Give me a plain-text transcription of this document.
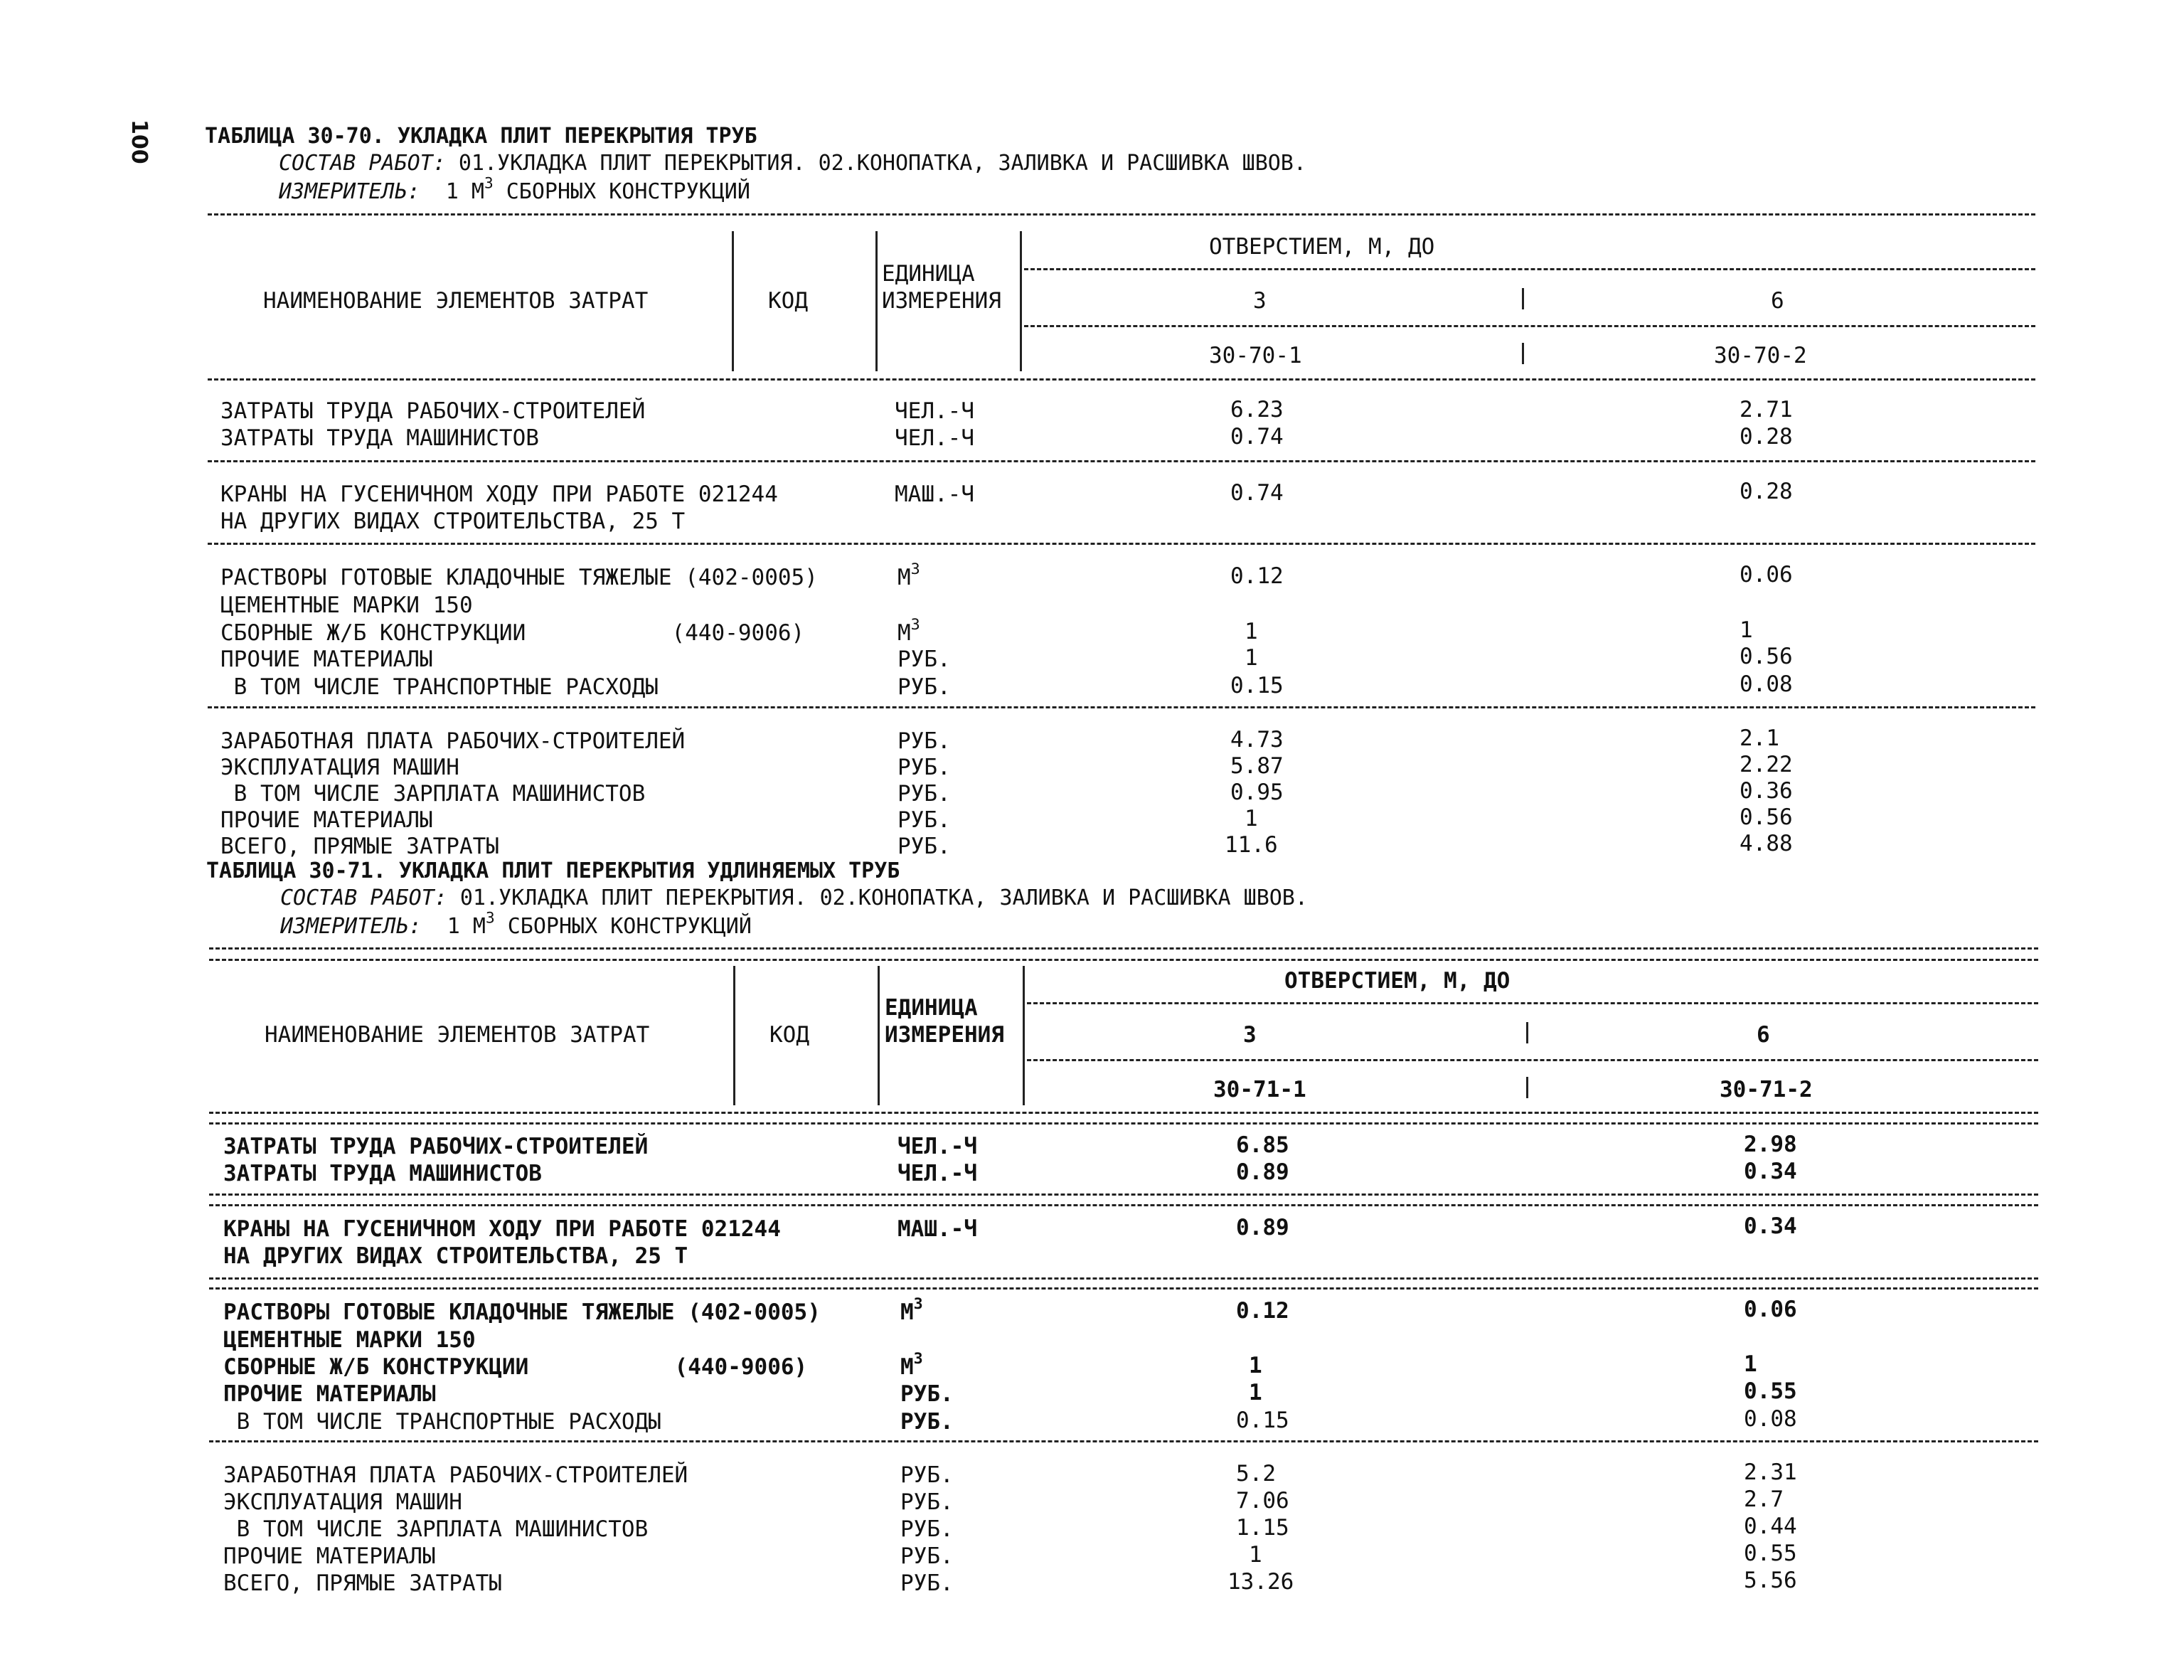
100	ТАБЛИЦА 30-70. УКЛАДКА ПЛИТ ПЕРЕКРЫТИЯ ТРУБ
СОСТАВ РАБОТ: 01.УКЛАДКА ПЛИТ ПЕРЕКРЫТИЯ. 02.КОНОПАТКА, ЗАЛИВКА И РАСШИВКА ШВОВ.
ИЗМЕРИТЕЛЬ:  1 $М^3$ СБОРНЫХ КОНСТРУКЦИЙ
ОТВЕРСТИЕМ, М, ДО
ЕДИНИЦА
ИЗМЕРЕНИЯ
НАИМЕНОВАНИЕ ЭЛЕМЕНТОВ ЗАТРАТ	КОД	3	6
30-70-1	30-70-2
ЗАТРАТЫ ТРУДА РАБОЧИХ-СТРОИТЕЛЕЙ	ЧЕЛ.-Ч	6.23	2.71
ЗАТРАТЫ ТРУДА МАШИНИСТОВ	ЧЕЛ.-Ч	0.74	0.28
КРАНЫ НА ГУСЕНИЧНОМ ХОДУ ПРИ РАБОТЕ 021244	МАШ.-Ч	0.74	0.28
НА ДРУГИХ ВИДАХ СТРОИТЕЛЬСТВА, 25 Т
РАСТВОРЫ ГОТОВЫЕ КЛАДОЧНЫЕ ТЯЖЕЛЫЕ (402-0005)	$М^3$	0.12	0.06
ЦЕМЕНТНЫЕ МАРКИ 150
СБОРНЫЕ Ж/Б КОНСТРУКЦИИ           (440-9006)	$М^3$	1	1
ПРОЧИЕ МАТЕРИАЛЫ	РУБ.	1	0.56
В ТОМ ЧИСЛЕ ТРАНСПОРТНЫЕ РАСХОДЫ	РУБ.	0.15	0.08
ЗАРАБОТНАЯ ПЛАТА РАБОЧИХ-СТРОИТЕЛЕЙ	РУБ.	4.73	2.1
ЭКСПЛУАТАЦИЯ МАШИН	РУБ.	5.87	2.22
В ТОМ ЧИСЛЕ ЗАРПЛАТА МАШИНИСТОВ	РУБ.	0.95	0.36
ПРОЧИЕ МАТЕРИАЛЫ	РУБ.	1	0.56
ВСЕГО, ПРЯМЫЕ ЗАТРАТЫ	РУБ.	11.6	4.88
ТАБЛИЦА 30-71. УКЛАДКА ПЛИТ ПЕРЕКРЫТИЯ УДЛИНЯЕМЫХ ТРУБ
СОСТАВ РАБОТ: 01.УКЛАДКА ПЛИТ ПЕРЕКРЫТИЯ. 02.КОНОПАТКА, ЗАЛИВКА И РАСШИВКА ШВОВ.
ИЗМЕРИТЕЛЬ:  1 $М^3$ СБОРНЫХ КОНСТРУКЦИЙ
ОТВЕРСТИЕМ, М, ДО
ЕДИНИЦА
ИЗМЕРЕНИЯ
НАИМЕНОВАНИЕ ЭЛЕМЕНТОВ ЗАТРАТ	КОД	3	6
30-71-1	30-71-2
ЗАТРАТЫ ТРУДА РАБОЧИХ-СТРОИТЕЛЕЙ	ЧЕЛ.-Ч	6.85	2.98
ЗАТРАТЫ ТРУДА МАШИНИСТОВ	ЧЕЛ.-Ч	0.89	0.34
КРАНЫ НА ГУСЕНИЧНОМ ХОДУ ПРИ РАБОТЕ 021244	МАШ.-Ч	0.89	0.34
НА ДРУГИХ ВИДАХ СТРОИТЕЛЬСТВА, 25 Т
РАСТВОРЫ ГОТОВЫЕ КЛАДОЧНЫЕ ТЯЖЕЛЫЕ (402-0005)	$М^3$	0.12	0.06
ЦЕМЕНТНЫЕ МАРКИ 150
СБОРНЫЕ Ж/Б КОНСТРУКЦИИ           (440-9006)	$М^3$	1	1
ПРОЧИЕ МАТЕРИАЛЫ	РУБ.	1	0.55
В ТОМ ЧИСЛЕ ТРАНСПОРТНЫЕ РАСХОДЫ	РУБ.	0.15	0.08
ЗАРАБОТНАЯ ПЛАТА РАБОЧИХ-СТРОИТЕЛЕЙ	РУБ.	5.2	2.31
ЭКСПЛУАТАЦИЯ МАШИН	РУБ.	7.06	2.7
В ТОМ ЧИСЛЕ ЗАРПЛАТА МАШИНИСТОВ	РУБ.	1.15	0.44
ПРОЧИЕ МАТЕРИАЛЫ	РУБ.	1	0.55
ВСЕГО, ПРЯМЫЕ ЗАТРАТЫ	РУБ.	13.26	5.56
